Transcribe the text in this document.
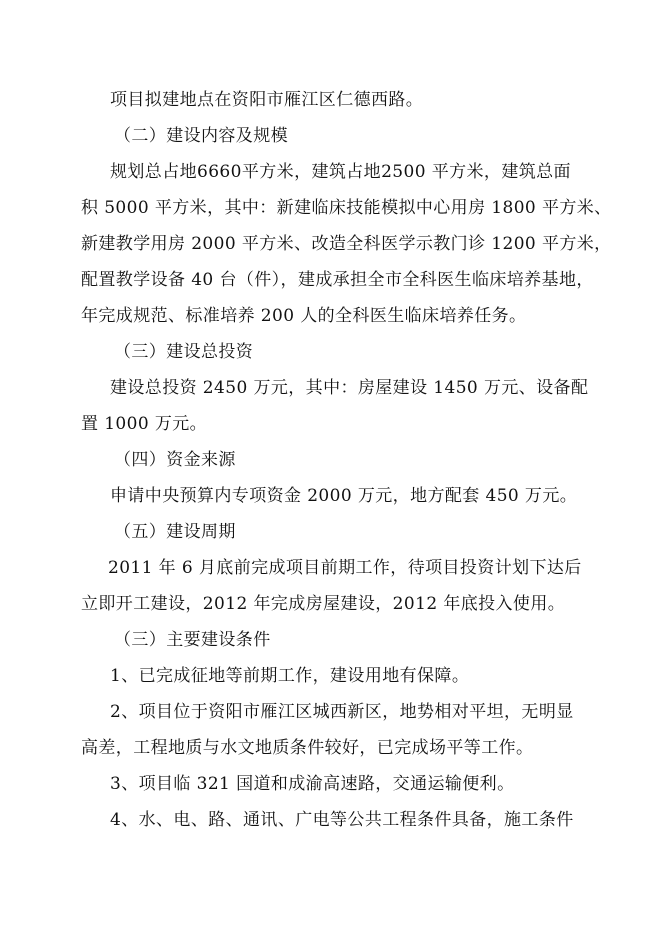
项目拟建地点在资阳市雁江区仁德西路。
（二）建设内容及规模
规划总占地6660平方米，建筑占地2500 平方米，建筑总面
积 5000 平方米，其中：新建临床技能模拟中心用房 1800 平方米、
新建教学用房 2000 平方米、改造全科医学示教门诊 1200 平方米，
配置教学设备 40 台（件），建成承担全市全科医生临床培养基地，
年完成规范、标准培养 200 人的全科医生临床培养任务。
（三）建设总投资
建设总投资 2450 万元，其中：房屋建设 1450 万元、设备配
置 1000 万元。
（四）资金来源
申请中央预算内专项资金 2000 万元，地方配套 450 万元。
（五）建设周期
2011 年 6 月底前完成项目前期工作，待项目投资计划下达后
立即开工建设，2012 年完成房屋建设，2012 年底投入使用。
（三）主要建设条件
1、已完成征地等前期工作，建设用地有保障。
2、项目位于资阳市雁江区城西新区，地势相对平坦，无明显
高差，工程地质与水文地质条件较好，已完成场平等工作。
3、项目临 321 国道和成渝高速路，交通运输便利。
4、水、电、路、通讯、广电等公共工程条件具备，施工条件
